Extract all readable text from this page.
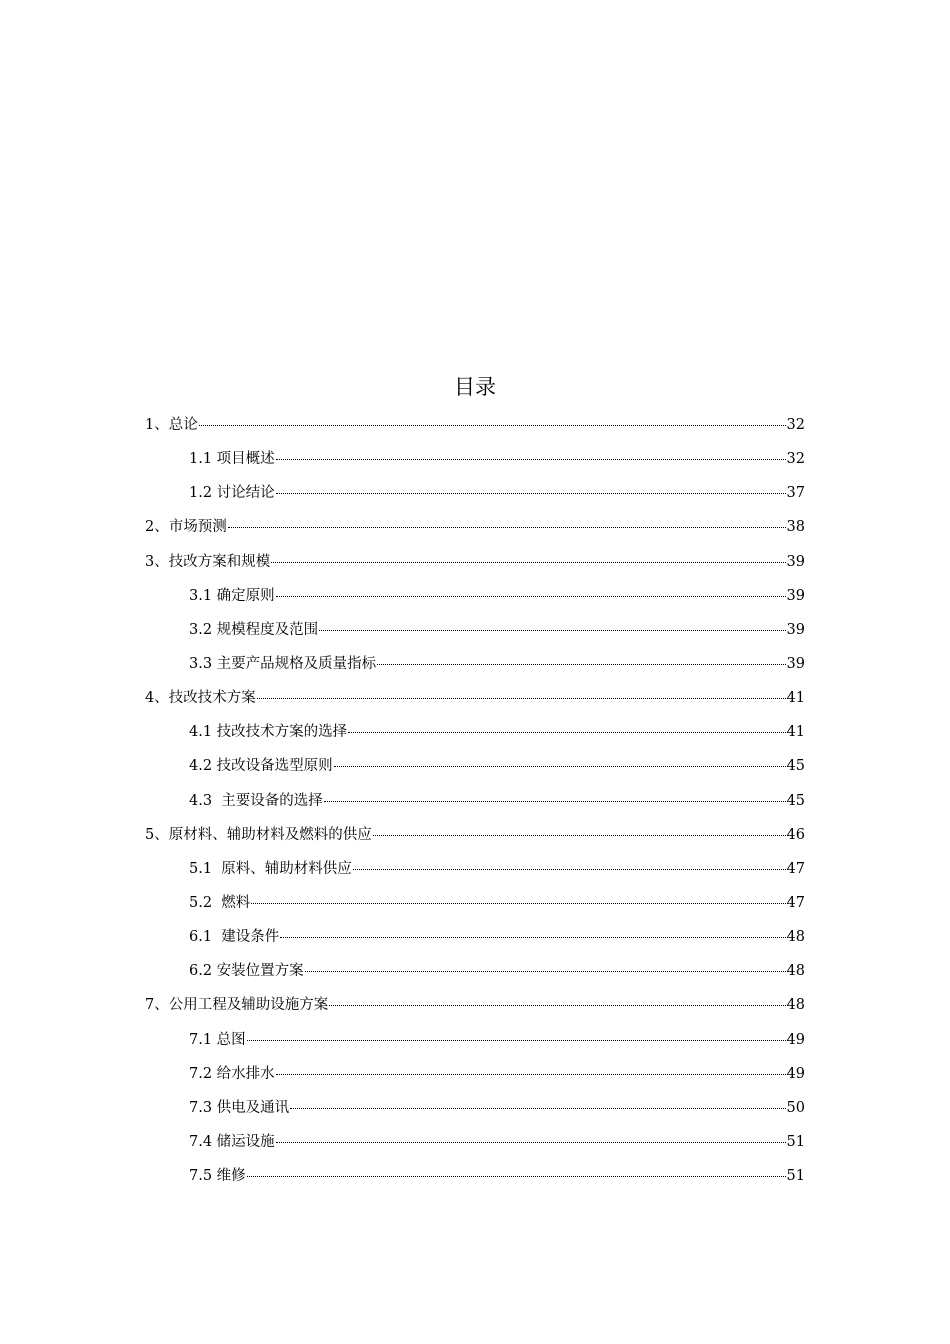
目录
1、总论	32
1.1 项目概述	32
1.2 讨论结论	37
2、市场预测	38
3、技改方案和规模	39
3.1 确定原则	39
3.2 规模程度及范围	39
3.3 主要产品规格及质量指标	39
4、技改技术方案	41
4.1 技改技术方案的选择	41
4.2 技改设备选型原则	45
4.3  主要设备的选择	45
5、原材料、辅助材料及燃料的供应	46
5.1  原料、辅助材料供应	47
5.2  燃料	47
6.1  建设条件	48
6.2 安装位置方案	48
7、公用工程及辅助设施方案	48
7.1 总图	49
7.2 给水排水	49
7.3 供电及通讯	50
7.4 储运设施	51
7.5 维修	51
